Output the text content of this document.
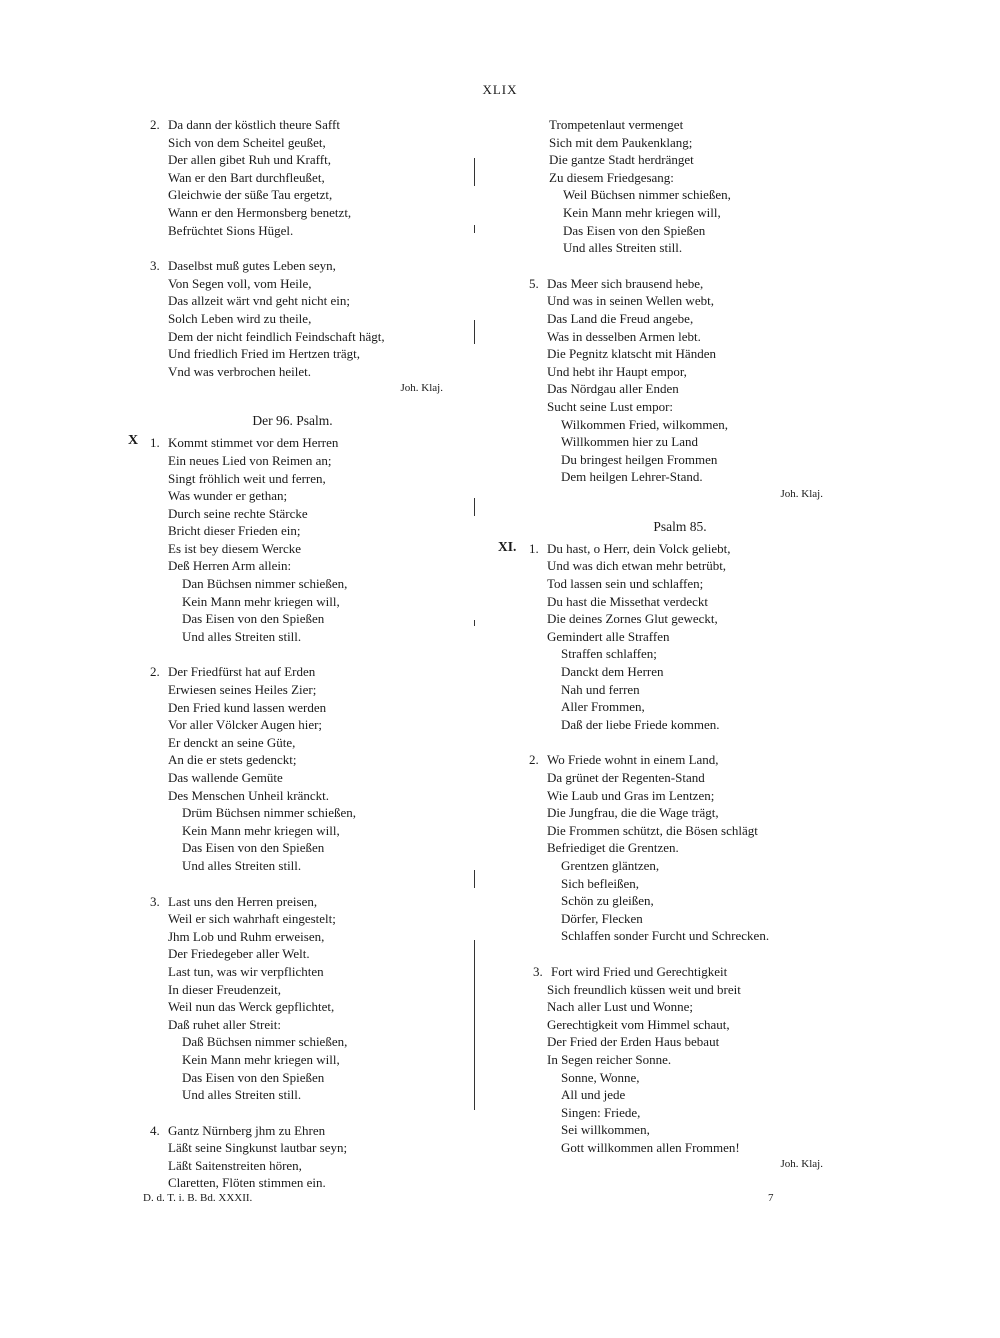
XLIX
2. Da dann der köstlich theure Safft
Sich von dem Scheitel geußet,
Der allen gibet Ruh und Krafft,
Wan er den Bart durchfleußet,
Gleichwie der süße Tau ergetzt,
Wann er den Hermonsberg benetzt,
Befrüchtet Sions Hügel.
3. Daselbst muß gutes Leben seyn,
Von Segen voll, vom Heile,
Das allzeit wärt vnd geht nicht ein;
Solch Leben wird zu theile,
Dem der nicht feindlich Feindschaft hägt,
Und friedlich Fried im Hertzen trägt,
Vnd was verbrochen heilet.
Joh. Klaj.
Der 96. Psalm.
X 1. Kommt stimmet vor dem Herren
Ein neues Lied von Reimen an;
Singt fröhlich weit und ferren,
Was wunder er gethan;
Durch seine rechte Stärcke
Bricht dieser Frieden ein;
Es ist bey diesem Wercke
Deß Herren Arm allein:
Dan Büchsen nimmer schießen,
Kein Mann mehr kriegen will,
Das Eisen von den Spießen
Und alles Streiten still.
2. Der Friedfürst hat auf Erden
Erwiesen seines Heiles Zier;
Den Fried kund lassen werden
Vor aller Völcker Augen hier;
Er denckt an seine Güte,
An die er stets gedenckt;
Das wallende Gemüte
Des Menschen Unheil kränckt.
Drüm Büchsen nimmer schießen,
Kein Mann mehr kriegen will,
Das Eisen von den Spießen
Und alles Streiten still.
3. Last uns den Herren preisen,
Weil er sich wahrhaft eingestelt;
Jhm Lob und Ruhm erweisen,
Der Friedegeber aller Welt.
Last tun, was wir verpflichten
In dieser Freudenzeit,
Weil nun das Werck gepflichtet,
Daß ruhet aller Streit:
Daß Büchsen nimmer schießen,
Kein Mann mehr kriegen will,
Das Eisen von den Spießen
Und alles Streiten still.
4. Gantz Nürnberg jhm zu Ehren
Läßt seine Singkunst lautbar seyn;
Läßt Saitenstreiten hören,
Claretten, Flöten stimmen ein.
D. d. T. i. B. Bd. XXXII.
Trompetenlaut vermenget
Sich mit dem Paukenklang;
Die gantze Stadt herdränget
Zu diesem Friedgesang:
Weil Büchsen nimmer schießen,
Kein Mann mehr kriegen will,
Das Eisen von den Spießen
Und alles Streiten still.
5. Das Meer sich brausend hebe,
Und was in seinen Wellen webt,
Das Land die Freud angebe,
Was in desselben Armen lebt.
Die Pegnitz klatscht mit Händen
Und hebt ihr Haupt empor,
Das Nördgau aller Enden
Sucht seine Lust empor:
Wilkommen Fried, wilkommen,
Willkommen hier zu Land
Du bringest heilgen Frommen
Dem heilgen Lehrer-Stand.
Joh. Klaj.
Psalm 85.
XI. 1. Du hast, o Herr, dein Volck geliebt,
Und was dich etwan mehr betrübt,
Tod lassen sein und schlaffen;
Du hast die Missethat verdeckt
Die deines Zornes Glut geweckt,
Gemindert alle Straffen
Straffen schlaffen;
Danckt dem Herren
Nah und ferren
Aller Frommen,
Daß der liebe Friede kommen.
2. Wo Friede wohnt in einem Land,
Da grünet der Regenten-Stand
Wie Laub und Gras im Lentzen;
Die Jungfrau, die die Wage trägt,
Die Frommen schützt, die Bösen schlägt
Befriediget die Grentzen.
Grentzen gläntzen,
Sich befleißen,
Schön zu gleißen,
Dörfer, Flecken
Schlaffen sonder Furcht und Schrecken.
3. Fort wird Fried und Gerechtigkeit
Sich freundlich küssen weit und breit
Nach aller Lust und Wonne;
Gerechtigkeit vom Himmel schaut,
Der Fried der Erden Haus bebaut
In Segen reicher Sonne.
Sonne, Wonne,
All und jede
Singen: Friede,
Sei willkommen,
Gott willkommen allen Frommen!
Joh. Klaj.
7
